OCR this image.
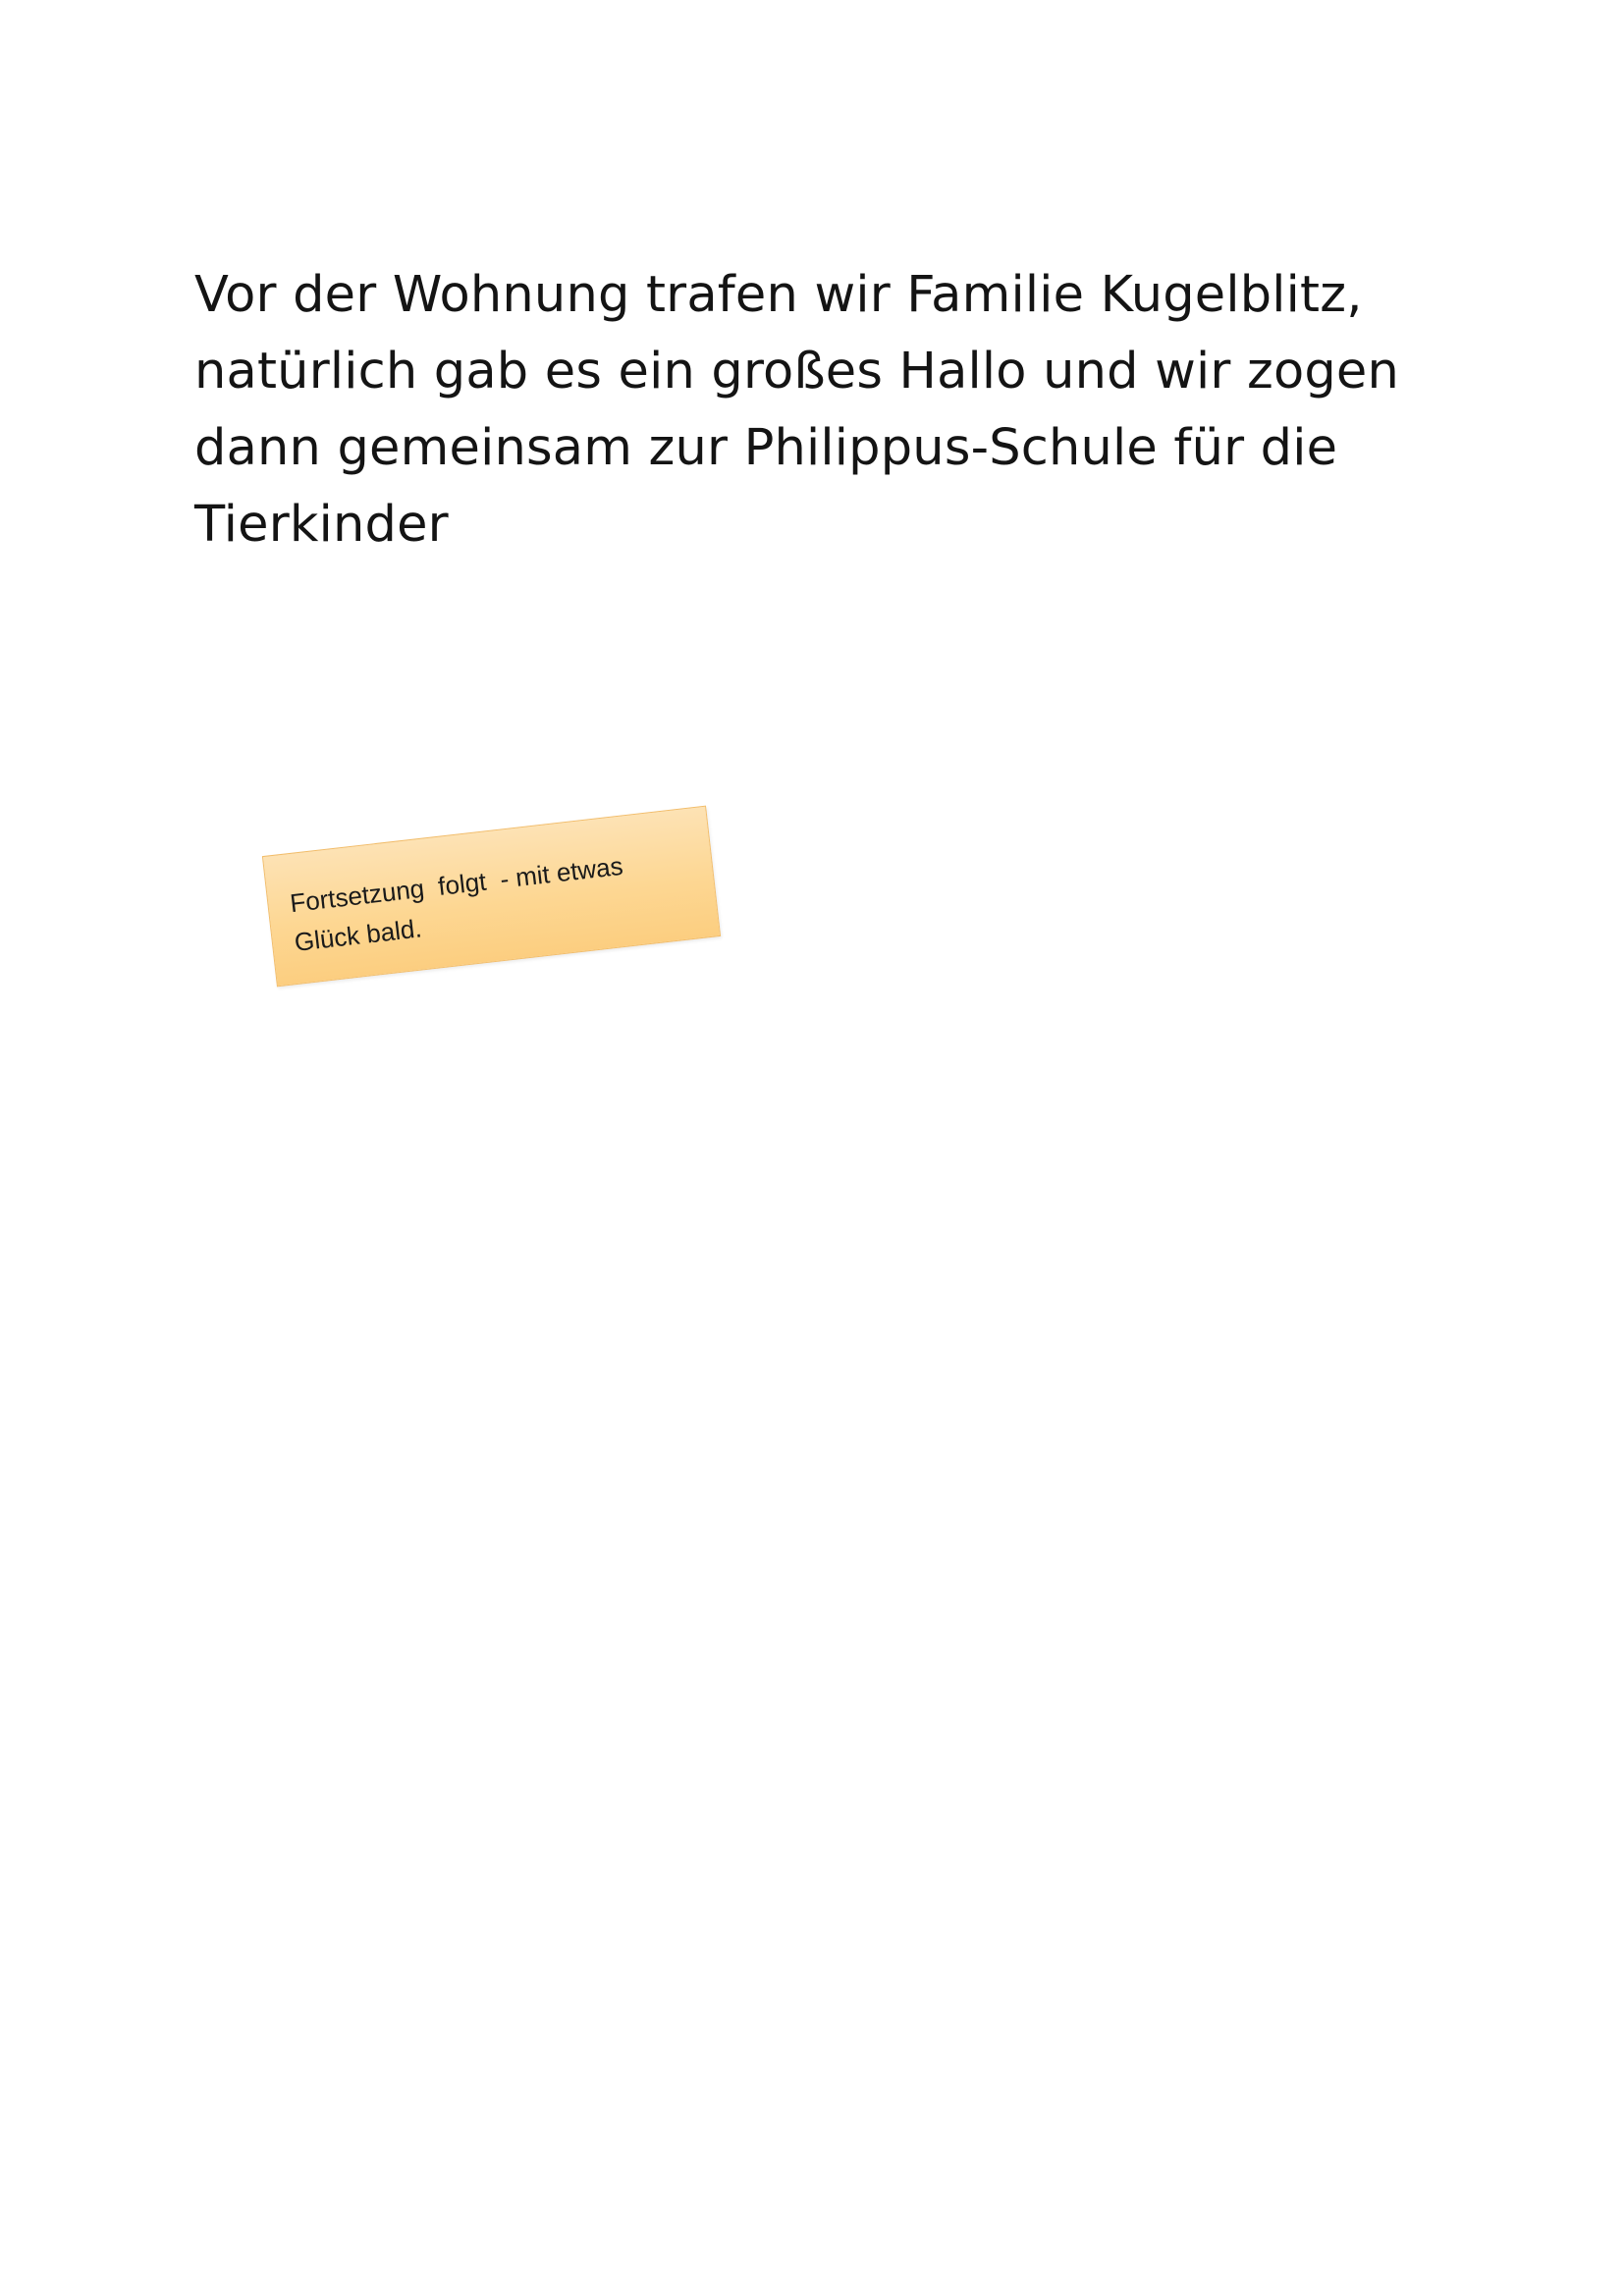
Vor der Wohnung trafen wir Familie Kugelblitz,
natürlich gab es ein großes Hallo und wir zogen
dann gemeinsam zur Philippus-Schule für die
Tierkinder
Fortsetzung  folgt  - mit etwas
Glück bald.
